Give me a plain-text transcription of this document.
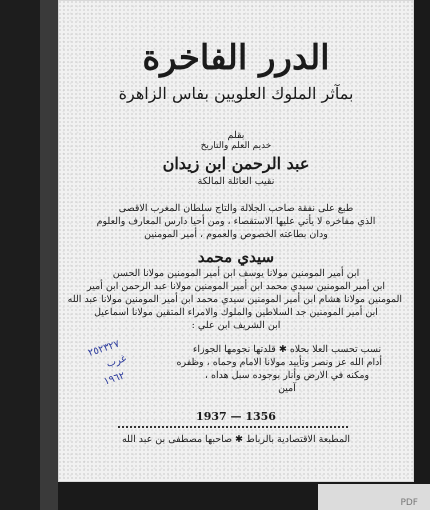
PDF
الدرر الفاخرة
بمآثر الملوك العلويين بفاس الزاهرة
بقلم
خديم العلم والتاريخ
عبد الرحمن ابن زيدان
نقيب العائلة المالكة
طبع على نفقة صاحب الجلالة والتاج سلطان المغرب الاقصى
الذي مفاخره لا يأتي عليها الاستقصاء ، ومن أحيا دارس المعارف والعلوم
ودان بطاعته الخصوص والعموم ، أمير المومنين
سيدي محمد
ابن أمير المومنين مولانا يوسف ابن أمير المومنين مولانا الحسن
ابن أمير المومنين سيدي محمد ابن أمير المومنين مولانا عبد الرحمن ابن أمير
المومنين مولانا هشام ابن أمير المومنين سيدي محمد ابن أمير المومنين مولانا عبد الله
ابن أمير المومنين جد السلاطين والملوك والامراء المتقين مولانا اسماعيل
ابن الشريف ابن علي :
نسب تحسب العلا بحلاه ✱ قلدتها نجومها الجوزاء
أدام الله عز ونصر وتأييد مولانا الامام وحماه ، وظفره
ومكنه في الارض وأنار بوجوده سبل هداه ،
آمين
٢٥٢٣٢٧
غرب
١٩٦٢
1937 — 1356
المطبعة الاقتصادية بالرباط ✱ صاحبها مصطفى بن عبد الله
